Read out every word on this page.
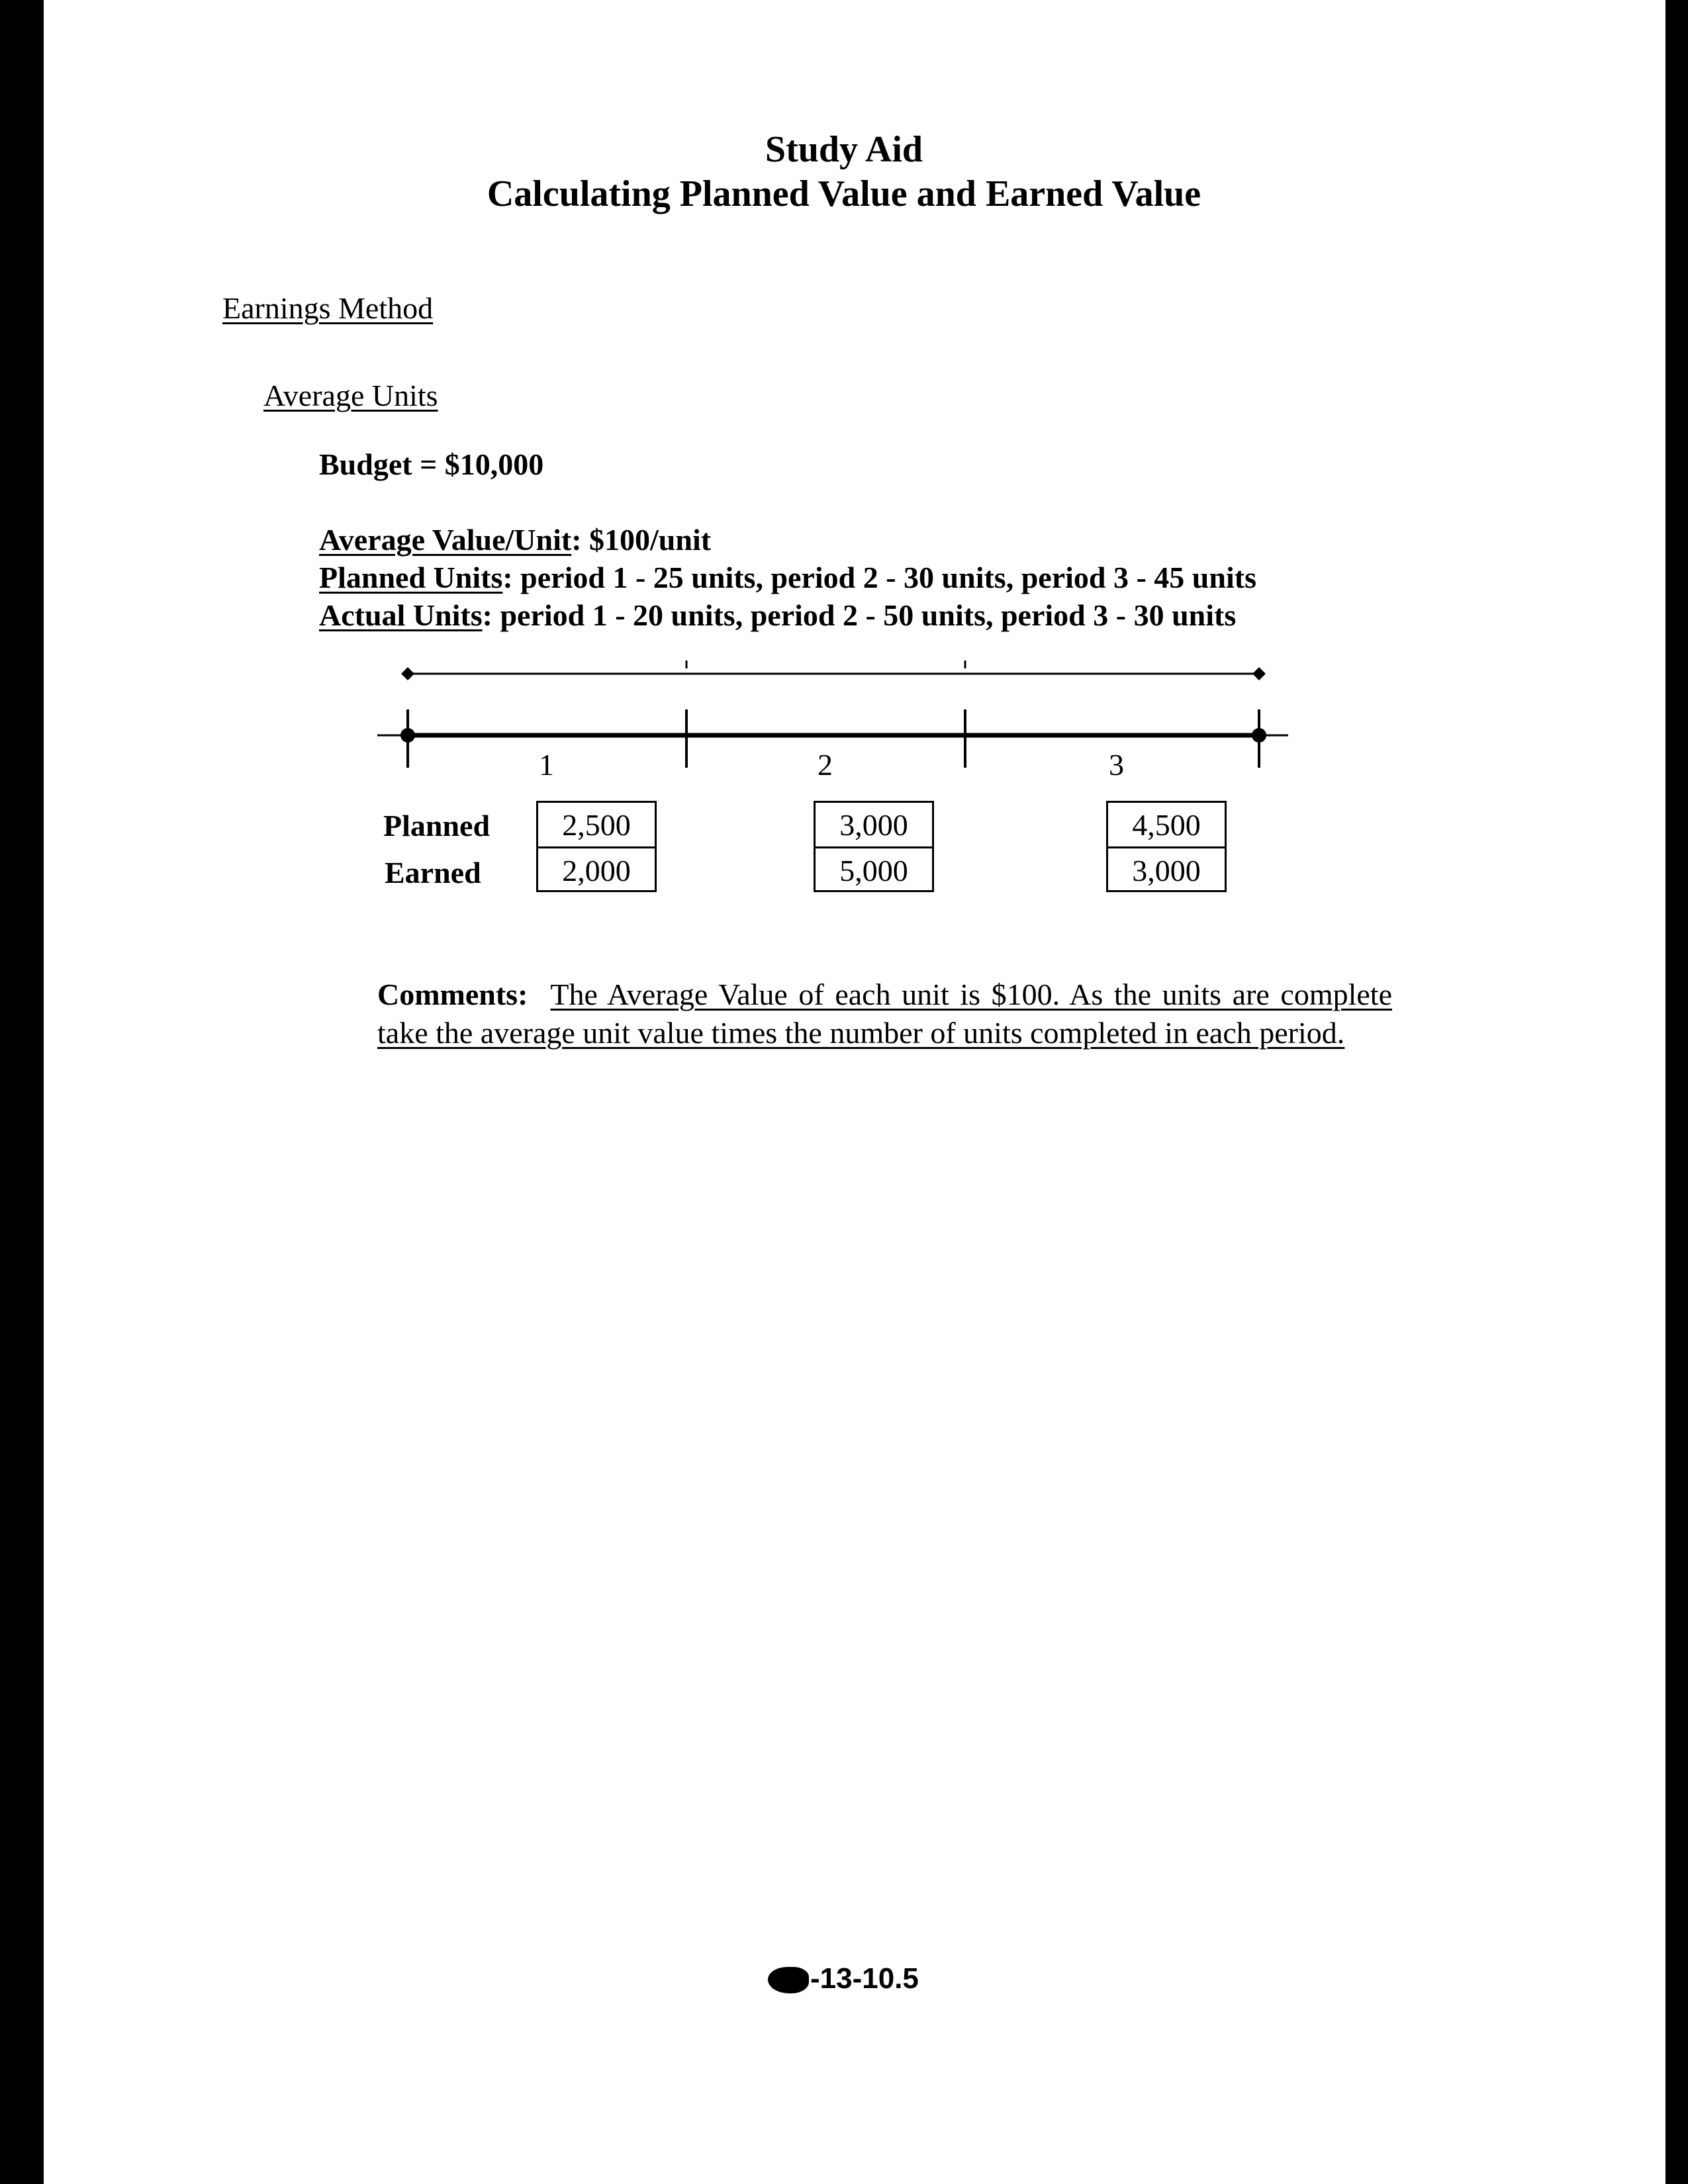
Study Aid
Calculating Planned Value and Earned Value
Earnings Method
Average Units
Budget = $10,000
Average Value/Unit: $100/unit
Planned Units: period 1 - 25 units, period 2 - 30 units, period 3 - 45 units
Actual Units: period 1 - 20 units, period 2 - 50 units, period 3 - 30 units
1	2	3
Planned
Earned
2,500
2,000
3,000
5,000
4,500
3,000
Comments: The Average Value of each unit is $100. As the units are complete take the average unit value times the number of units completed in each period.
-13-10.5
